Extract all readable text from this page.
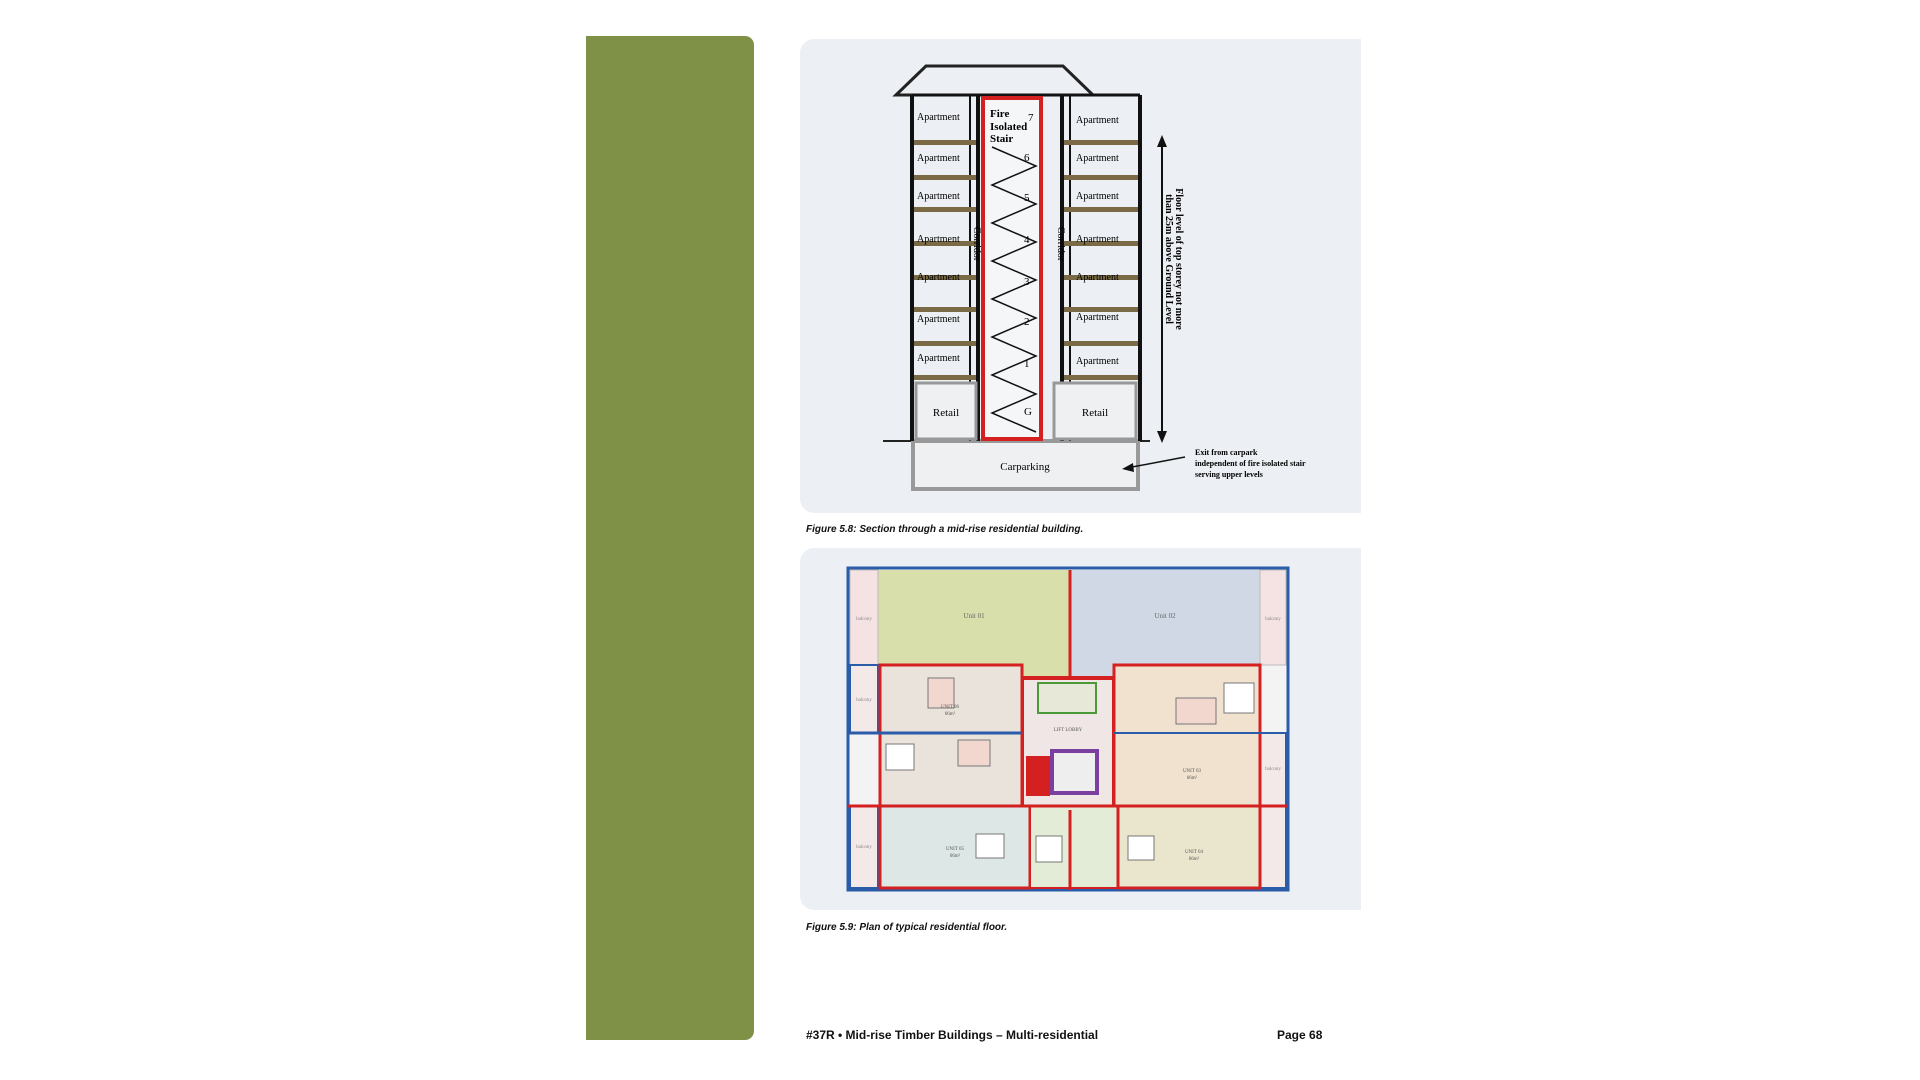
Carparking
Fire
Isolated
Stair
Corridor	Corridor
Apartment	Apartment
Apartment	Apartment
Apartment	Apartment
Apartment	Apartment
Apartment	Apartment
Apartment	Apartment
Apartment	Apartment
7
6
5
4
3
2
1
G
Retail	Retail
Floor level of top storey not more
than 25m above Ground Level
Exit from carpark
independent of fire isolated stair
serving upper levels
Figure 5.8: Section through a mid-rise residential building.
Unit 01	Unit 02
balcony	balcony
balcony
balcony
balcony
LIFT LOBBY
UNIT 06
66m²
UNIT 03
66m²
UNIT 05
66m²
UNIT 04
66m²
Figure 5.9: Plan of typical residential floor.
#37R • Mid-rise Timber Buildings – Multi-residential	Page 68
